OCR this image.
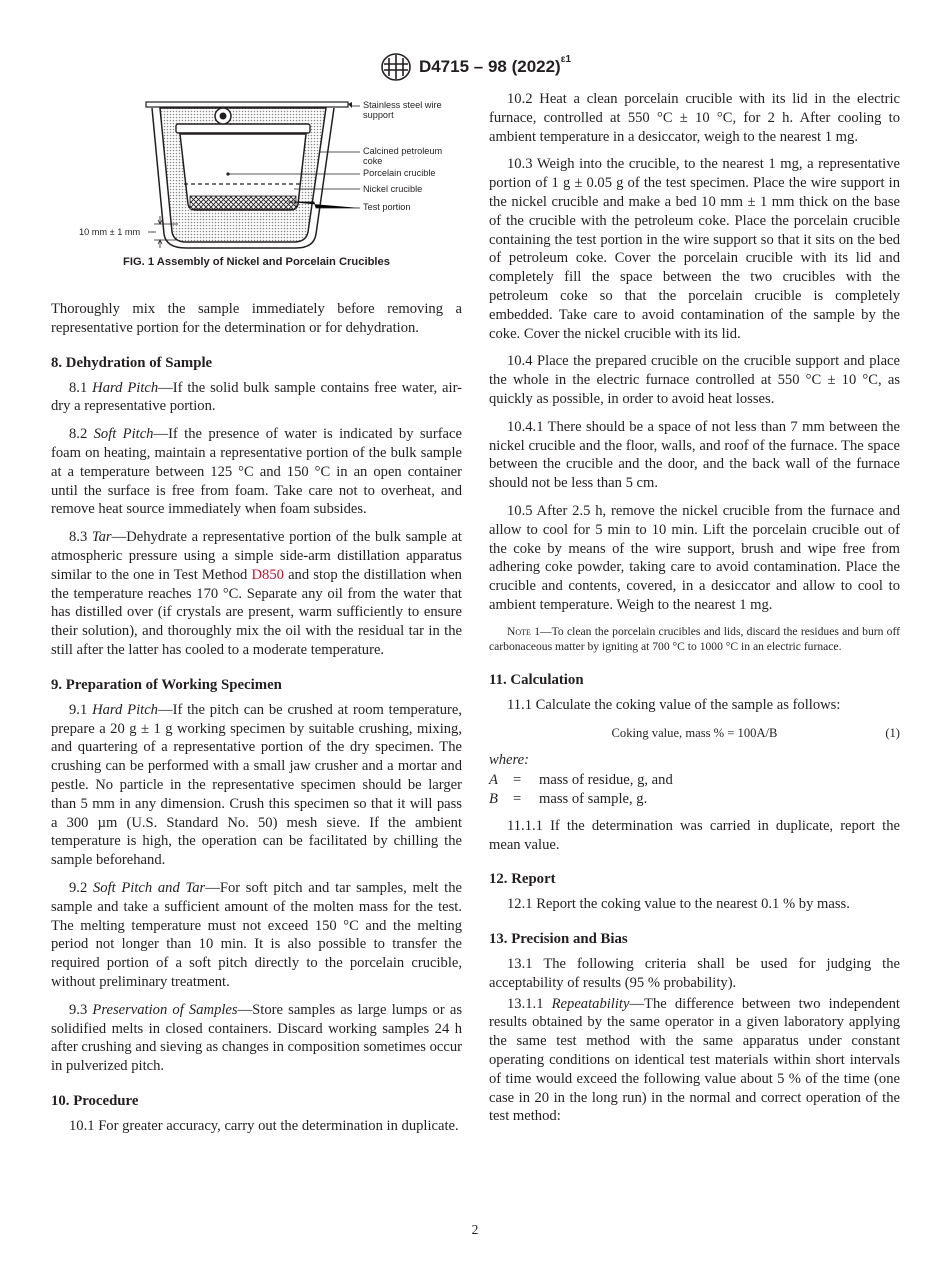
D4715 – 98 $(2022)^{\varepsilon 1}$
Stainless steel wire support
Calcined petroleum coke
Porcelain crucible
Nickel crucible
Test portion
10 mm ± 1 mm
FIG. 1 Assembly of Nickel and Porcelain Crucibles

Thoroughly mix the sample immediately before removing a representative portion for the determination or for dehydration.

8. Dehydration of Sample

8.1 Hard Pitch—If the solid bulk sample contains free water, air-dry a representative portion.

8.2 Soft Pitch—If the presence of water is indicated by surface foam on heating, maintain a representative portion of the bulk sample at a temperature between 125 °C and 150 °C in an open container until the surface is free from foam. Take care not to overheat, and remove heat source immediately when foam subsides.

8.3 Tar—Dehydrate a representative portion of the bulk sample at atmospheric pressure using a simple side-arm distillation apparatus similar to the one in Test Method D850 and stop the distillation when the temperature reaches 170 °C. Separate any oil from the water that has distilled over (if crystals are present, warm sufficiently to ensure their solution), and thoroughly mix the oil with the residual tar in the still after the latter has cooled to a moderate temperature.

9. Preparation of Working Specimen

9.1 Hard Pitch—If the pitch can be crushed at room temperature, prepare a 20 g ± 1 g working specimen by suitable crushing, mixing, and quartering of a representative portion of the dry specimen. The crushing can be performed with a small jaw crusher and a mortar and pestle. No particle in the representative specimen should be larger than 5 mm in any dimension. Crush this specimen so that it will pass a 300 µm (U.S. Standard No. 50) mesh sieve. If the ambient temperature is high, the operation can be facilitated by chilling the sample beforehand.

9.2 Soft Pitch and Tar—For soft pitch and tar samples, melt the sample and take a sufficient amount of the molten mass for the test. The melting temperature must not exceed 150 °C and the melting period not longer than 10 min. It is also possible to transfer the required portion of a soft pitch directly to the porcelain crucible, without preliminary treatment.

9.3 Preservation of Samples—Store samples as large lumps or as solidified melts in closed containers. Discard working samples 24 h after crushing and sieving as changes in composition sometimes occur in pulverized pitch.

10. Procedure

10.1 For greater accuracy, carry out the determination in duplicate.

10.2 Heat a clean porcelain crucible with its lid in the electric furnace, controlled at 550 °C ± 10 °C, for 2 h. After cooling to ambient temperature in a desiccator, weigh to the nearest 1 mg.

10.3 Weigh into the crucible, to the nearest 1 mg, a representative portion of 1 g ± 0.05 g of the test specimen. Place the wire support in the nickel crucible and make a bed 10 mm ± 1 mm thick on the base of the crucible with the petroleum coke. Place the porcelain crucible containing the test portion in the wire support so that it sits on the bed of petroleum coke. Cover the porcelain crucible with its lid and completely fill the space between the two crucibles with the petroleum coke so that the porcelain crucible is completely embedded. Take care to avoid contamination of the sample by the coke. Cover the nickel crucible with its lid.

10.4 Place the prepared crucible on the crucible support and place the whole in the electric furnace controlled at 550 °C ± 10 °C, as quickly as possible, in order to avoid heat losses.

10.4.1 There should be a space of not less than 7 mm between the nickel crucible and the floor, walls, and roof of the furnace. The space between the crucible and the door, and the back wall of the furnace should not be less than 5 cm.

10.5 After 2.5 h, remove the nickel crucible from the furnace and allow to cool for 5 min to 10 min. Lift the porcelain crucible out of the coke by means of the wire support, brush and wipe free from adhering coke powder, taking care to avoid contamination. Place the crucible and contents, covered, in a desiccator and allow to cool to ambient temperature. Weigh to the nearest 1 mg.

Note 1—To clean the porcelain crucibles and lids, discard the residues and burn off carbonaceous matter by igniting at 700 °C to 1000 °C in an electric furnace.
11. Calculation

11.1 Calculate the coking value of the sample as follows:

Coking value, mass % = 100A/B	(1)
where:
A = mass of residue, g, and
B = mass of sample, g.

11.1.1 If the determination was carried in duplicate, report the mean value.

12. Report

12.1 Report the coking value to the nearest 0.1 % by mass.

13. Precision and Bias

13.1 The following criteria shall be used for judging the acceptability of results (95 % probability).

13.1.1 Repeatability—The difference between two independent results obtained by the same operator in a given laboratory applying the same test method with the same apparatus under constant operating conditions on identical test materials within short intervals of time would exceed the following value about 5 % of the time (one case in 20 in the long run) in the normal and correct operation of the test method:

2
